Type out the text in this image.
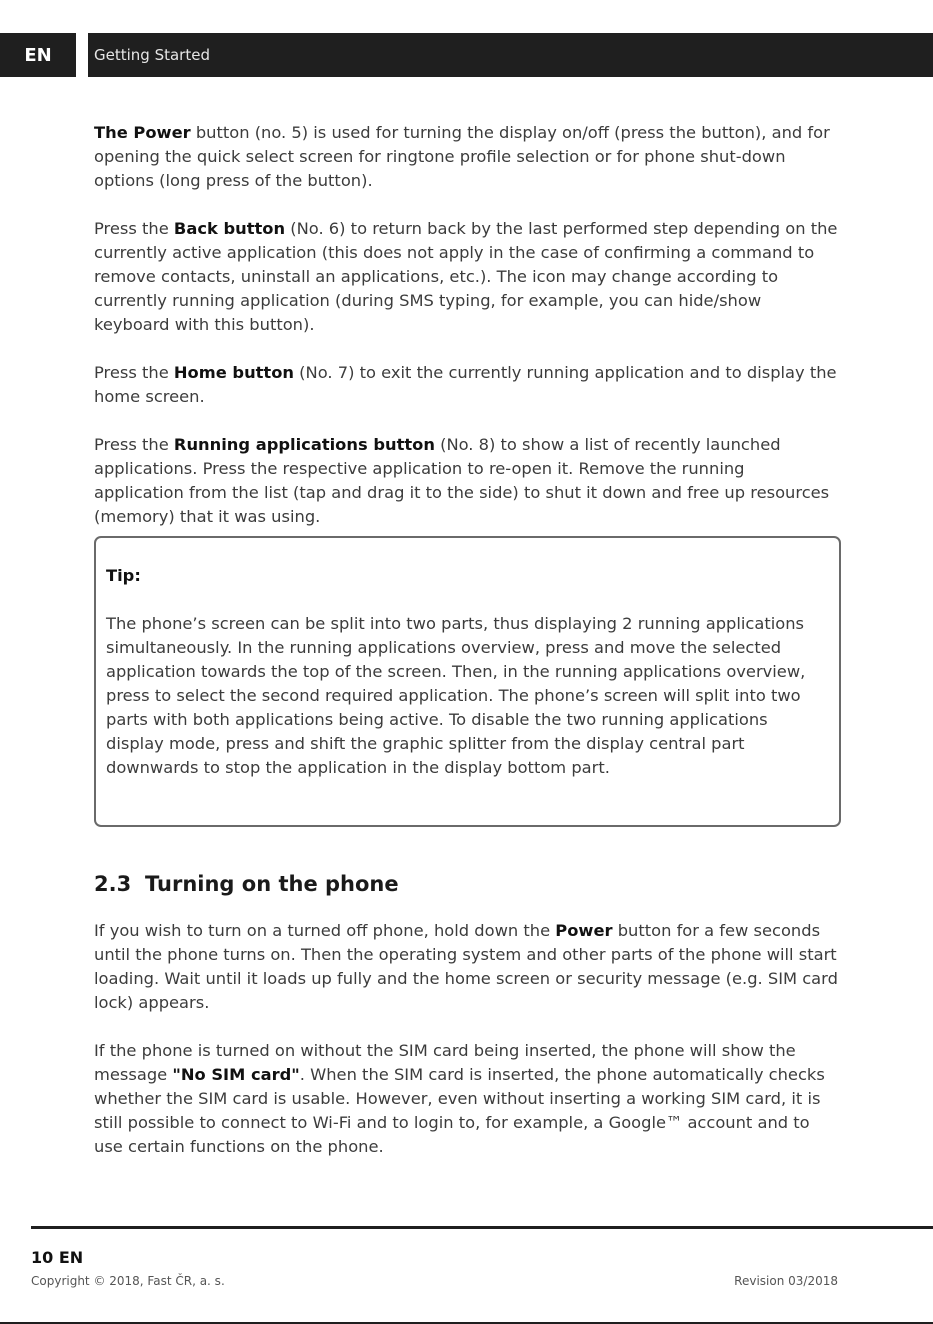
EN	Getting Started

The Power button (no. 5) is used for turning the display on/off (press the button), and for opening the quick select screen for ringtone profile selection or for phone shut-down options (long press of the button).

Press the Back button (No. 6) to return back by the last performed step depending on the currently active application (this does not apply in the case of confirming a command to remove contacts, uninstall an applications, etc.). The icon may change according to currently running application (during SMS typing, for example, you can hide/show keyboard with this button).

Press the Home button (No. 7) to exit the currently running application and to display the home screen.

Press the Running applications button (No. 8) to show a list of recently launched applications. Press the respective application to re-open it. Remove the running application from the list (tap and drag it to the side) to shut it down and free up resources (memory) that it was using.

Tip:

The phone’s screen can be split into two parts, thus displaying 2 running applications simultaneously. In the running applications overview, press and move the selected application towards the top of the screen. Then, in the running applications overview, press to select the second required application. The phone’s screen will split into two parts with both applications being active. To disable the two running applications display mode, press and shift the graphic splitter from the display central part downwards to stop the application in the display bottom part.

2.3 Turning on the phone

If you wish to turn on a turned off phone, hold down the Power button for a few seconds until the phone turns on. Then the operating system and other parts of the phone will start loading. Wait until it loads up fully and the home screen or security message (e.g. SIM card lock) appears.

If the phone is turned on without the SIM card being inserted, the phone will show the message "No SIM card". When the SIM card is inserted, the phone automatically checks whether the SIM card is usable. However, even without inserting a working SIM card, it is still possible to connect to Wi-Fi and to login to, for example, a Google™ account and to use certain functions on the phone.

10 EN
Copyright © 2018, Fast ČR, a. s.	Revision 03/2018
